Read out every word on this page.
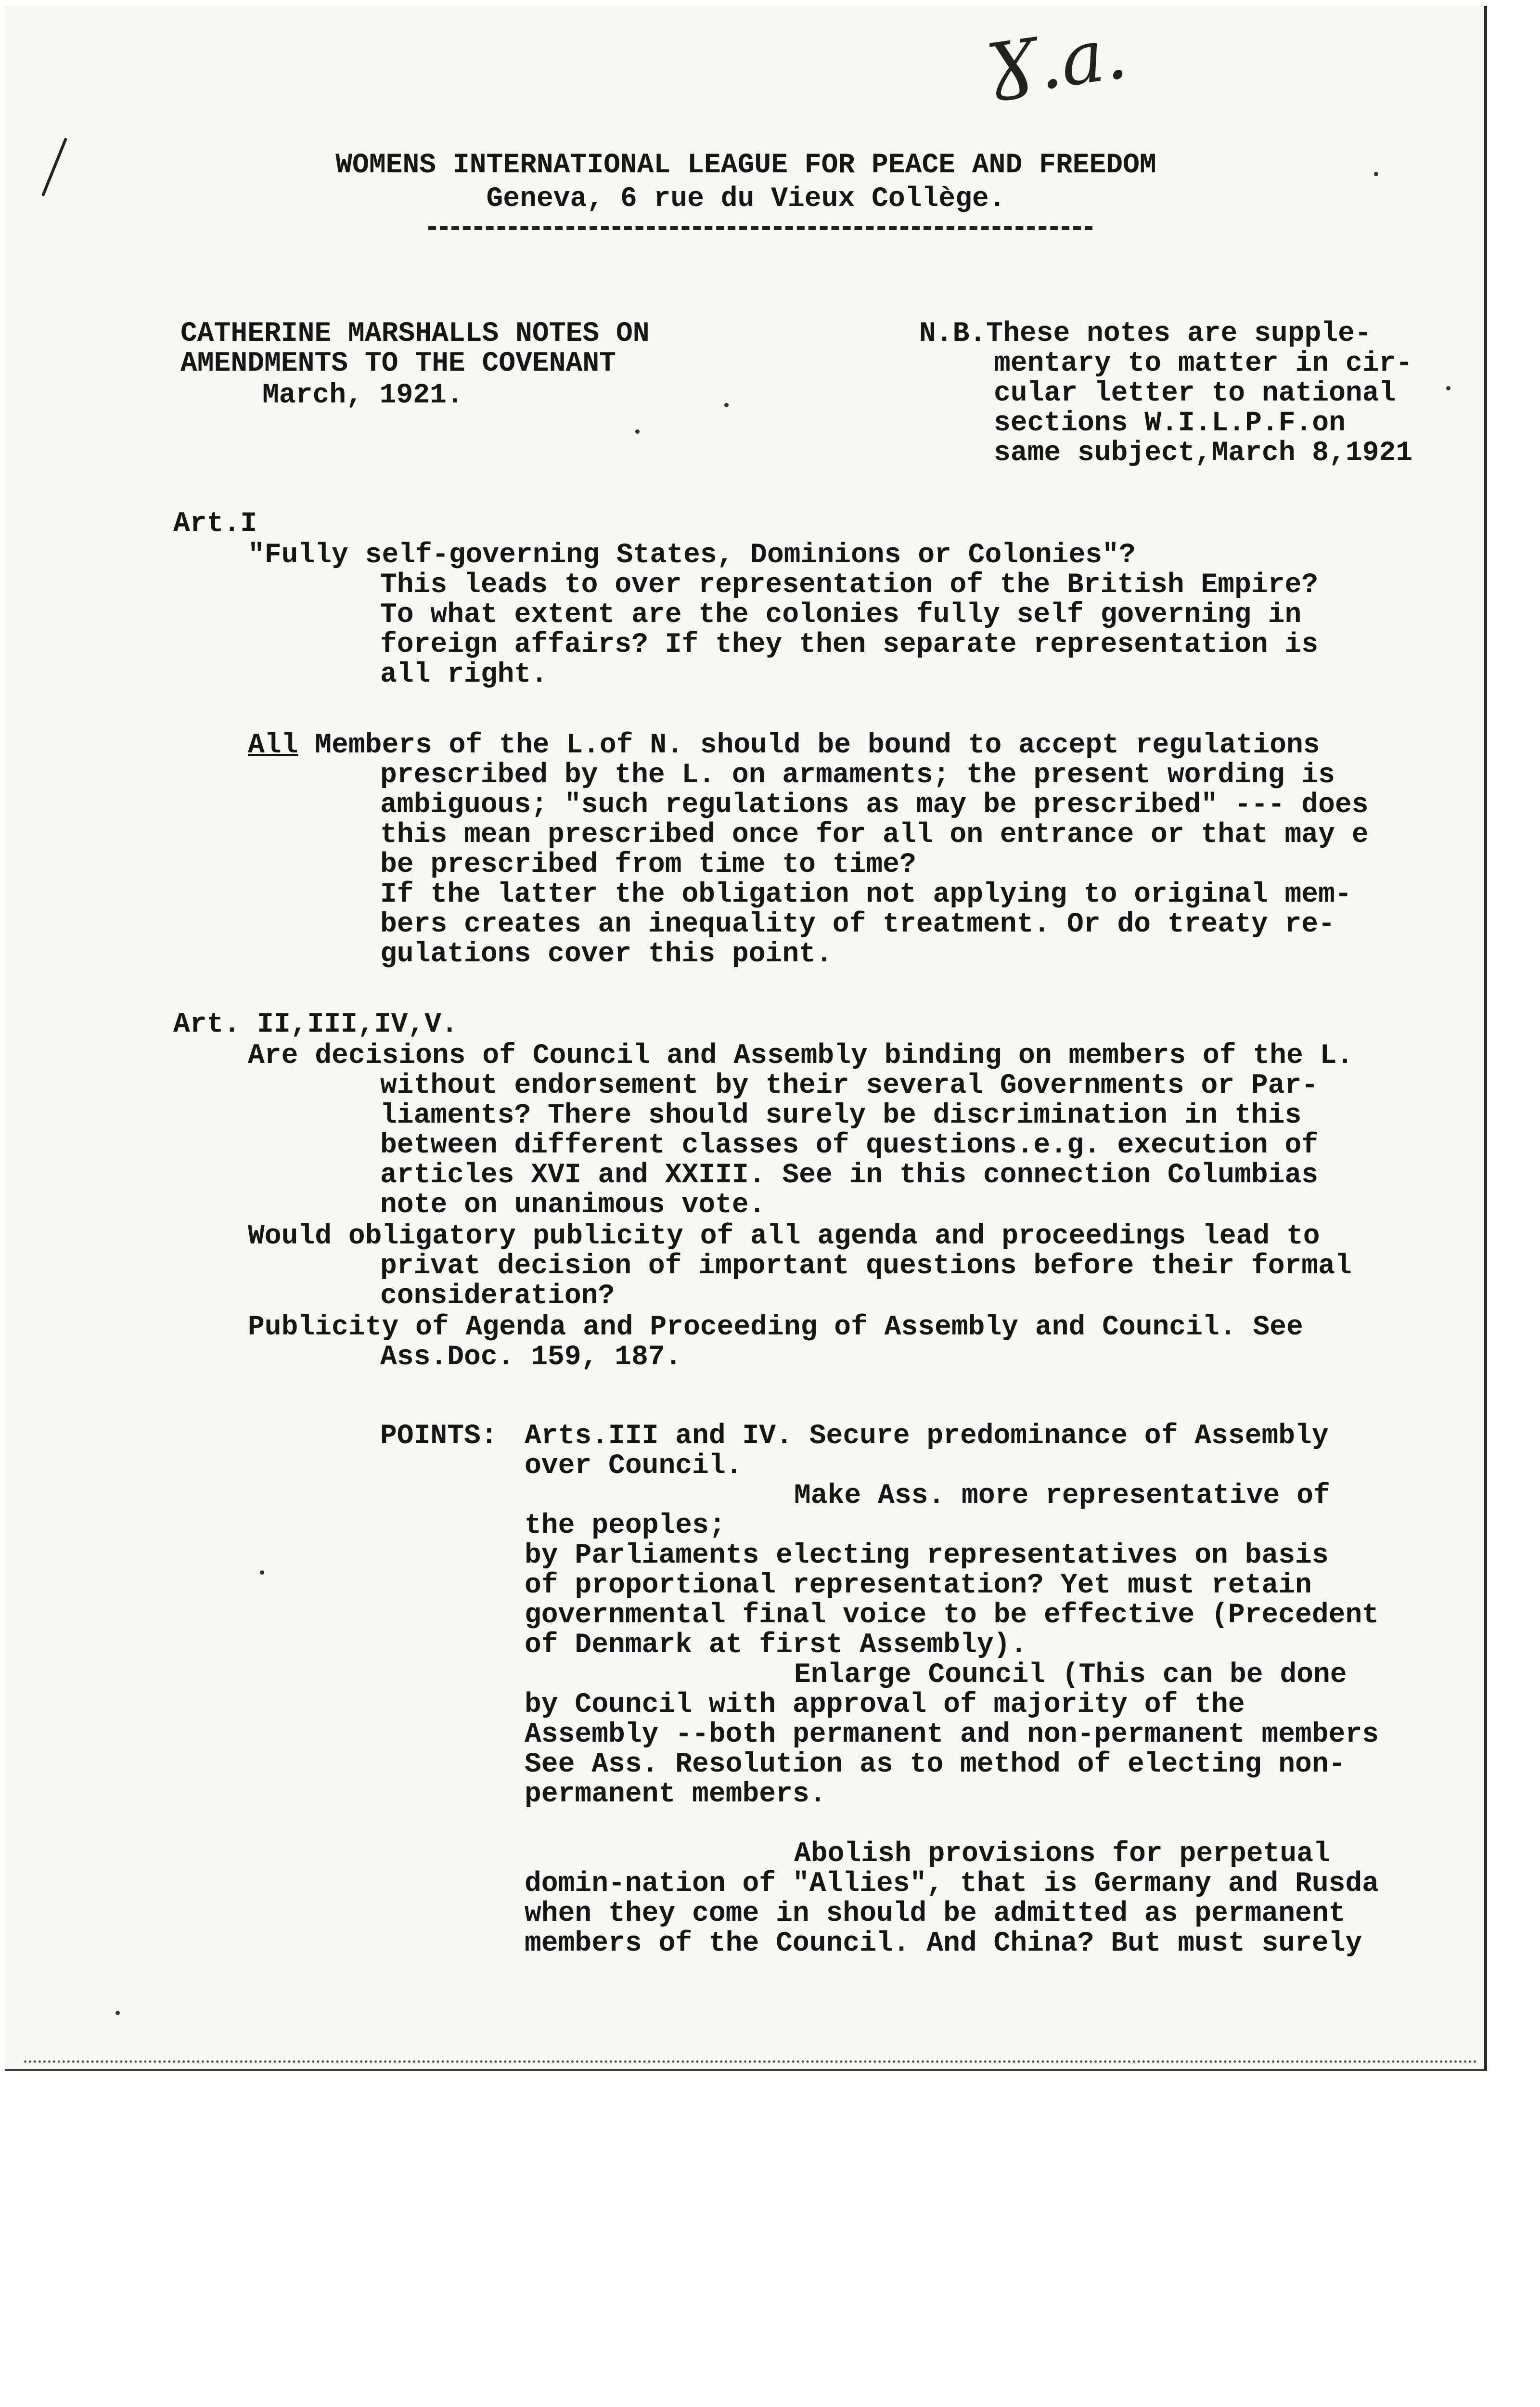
Ɣ.a.
WOMENS INTERNATIONAL LEAGUE FOR PEACE AND FREEDOM
Geneva, 6 rue du Vieux Collège.
CATHERINE MARSHALLS NOTES ON
AMENDMENTS TO THE COVENANT
March, 1921.
N.B.These notes are supple-
mentary to matter in cir-
cular letter to national
sections W.I.L.P.F.on
same subject,March 8,1921
Art.I
"Fully self-governing States, Dominions or Colonies"?
This leads to over representation of the British Empire?
To what extent are the colonies fully self governing in
foreign affairs? If they then separate representation is
all right.
All Members of the L.of N. should be bound to accept regulations
prescribed by the L. on armaments; the present wording is
ambiguous; "such regulations as may be prescribed" --- does
this mean prescribed once for all on entrance or that may e
be prescribed from time to time?
If the latter the obligation not applying to original mem-
bers creates an inequality of treatment. Or do treaty re-
gulations cover this point.
Art. II,III,IV,V.
Are decisions of Council and Assembly binding on members of the L.
without endorsement by their several Governments or Par-
liaments? There should surely be discrimination in this
between different classes of questions.e.g. execution of
articles XVI and XXIII. See in this connection Columbias
note on unanimous vote.
Would obligatory publicity of all agenda and proceedings lead to
privat decision of important questions before their formal
consideration?
Publicity of Agenda and Proceeding of Assembly and Council. See
Ass.Doc. 159, 187.
POINTS: Arts.III and IV. Secure predominance of Assembly
over Council.
Make Ass. more representative of
the peoples;
by Parliaments electing representatives on basis
of proportional representation? Yet must retain
governmental final voice to be effective (Precedent
of Denmark at first Assembly).
Enlarge Council (This can be done
by Council with approval of majority of the
Assembly --both permanent and non-permanent members
See Ass. Resolution as to method of electing non-
permanent members.
Abolish provisions for perpetual
domin-nation of "Allies", that is Germany and Rusda
when they come in should be admitted as permanent
members of the Council. And China? But must surely
